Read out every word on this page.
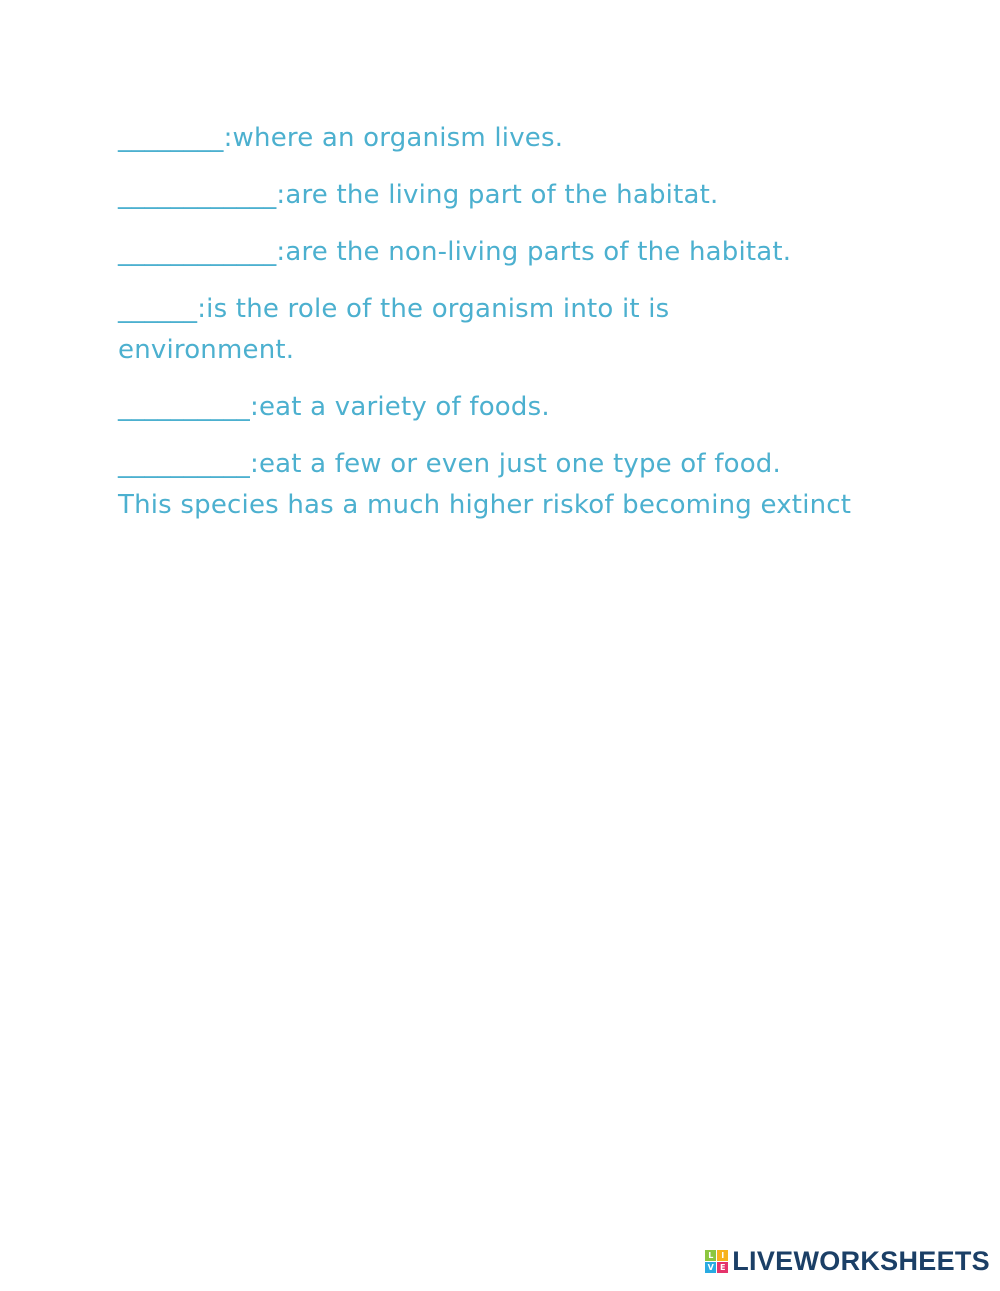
________:where an organism lives.

____________:are the living part of the habitat.

____________:are the non-living parts of the habitat.

______:is the role of the organism into it is

environment.

__________:eat a variety of foods.

__________:eat a few or even just one type of food.

This species has a much higher riskof becoming extinct

L I
V E LIVEWORKSHEETS
